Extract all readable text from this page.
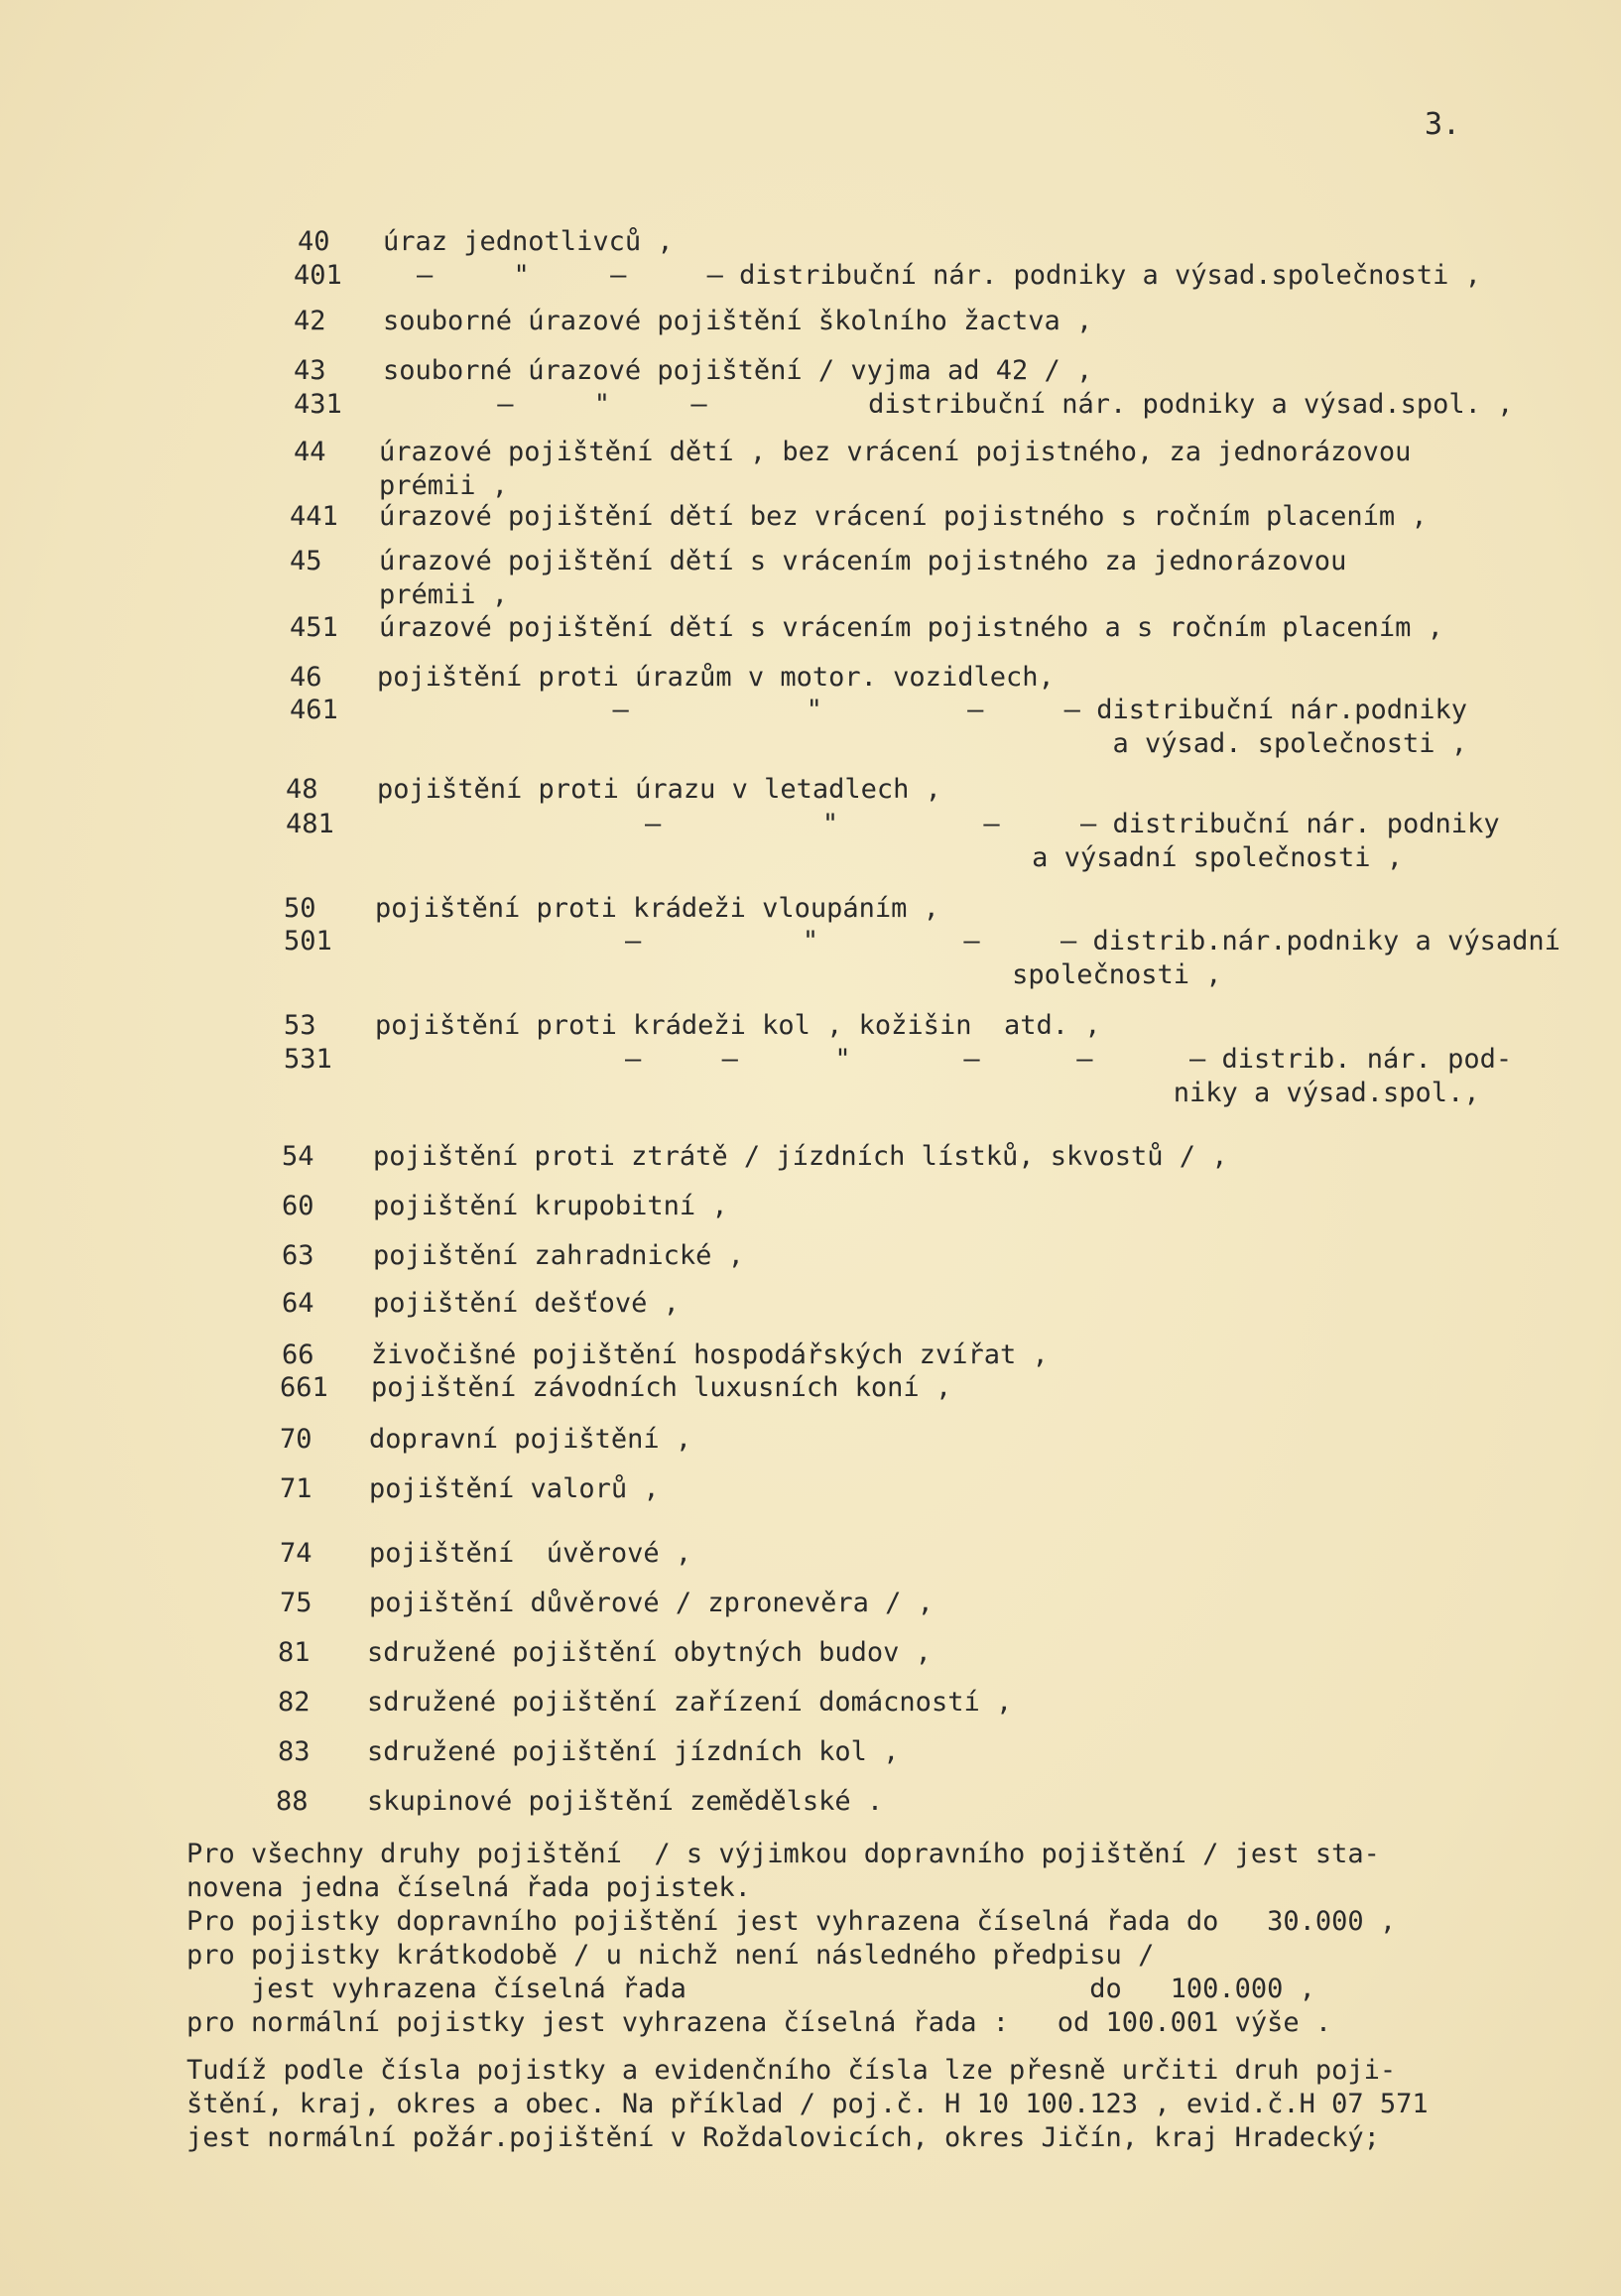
3.
40 úraz jednotlivců ,
401	–     "     –     – distribuční nár. podniky a výsad.společnosti ,
42 souborné úrazové pojištění školního žactva ,
43 souborné úrazové pojištění / vyjma ad 42 / ,
431	–     "     –          distribuční nár. podniky a výsad.spol. ,
44 úrazové pojištění dětí , bez vrácení pojistného, za jednorázovou
prémii ,
441 úrazové pojištění dětí bez vrácení pojistného s ročním placením ,
45 úrazové pojištění dětí s vrácením pojistného za jednorázovou
prémii ,
451 úrazové pojištění dětí s vrácením pojistného a s ročním placením ,
46 pojištění proti úrazům v motor. vozidlech,
461	–           "         –     – distribuční nár.podniky
a výsad. společnosti ,
48 pojištění proti úrazu v letadlech ,
481	–          "         –     – distribuční nár. podniky
a výsadní společnosti ,
50 pojištění proti krádeži vloupáním ,
501	–          "         –     – distrib.nár.podniky a výsadní
společnosti ,
53 pojištění proti krádeži kol , kožišin  atd. ,
531	–     –      "       –      –      – distrib. nár. pod-
niky a výsad.spol.,
54 pojištění proti ztrátě / jízdních lístků, skvostů / ,
60 pojištění krupobitní ,
63 pojištění zahradnické ,
64 pojištění dešťové ,
66 živočišné pojištění hospodářských zvířat ,
661 pojištění závodních luxusních koní ,
70 dopravní pojištění ,
71 pojištění valorů ,
74 pojištění  úvěrové ,
75 pojištění důvěrové / zpronevěra / ,
81 sdružené pojištění obytných budov ,
82 sdružené pojištění zařízení domácností ,
83 sdružené pojištění jízdních kol ,
88 skupinové pojištění zemědělské .
Pro všechny druhy pojištění  / s výjimkou dopravního pojištění / jest sta-
novena jedna číselná řada pojistek.
Pro pojistky dopravního pojištění jest vyhrazena číselná řada do   30.000 ,
pro pojistky krátkodobě / u nichž není následného předpisu /
jest vyhrazena číselná řada                         do   100.000 ,
pro normální pojistky jest vyhrazena číselná řada :   od 100.001 výše .
Tudíž podle čísla pojistky a evidenčního čísla lze přesně určiti druh poji-
štění, kraj, okres a obec. Na příklad / poj.č. H 10 100.123 , evid.č.H 07 571
jest normální požár.pojištění v Roždalovicích, okres Jičín, kraj Hradecký;
